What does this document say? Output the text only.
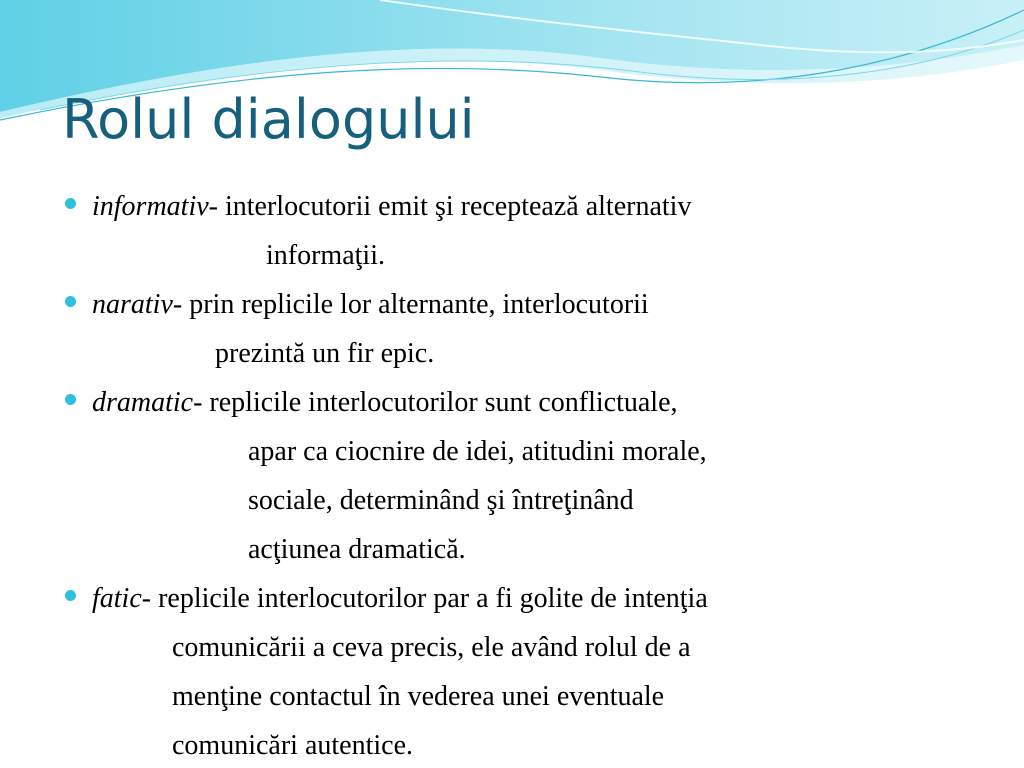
Rolul dialogului
informativ- interlocutorii emit şi receptează alternativ
informaţii.
narativ- prin replicile lor alternante, interlocutorii
prezintă un fir epic.
dramatic- replicile interlocutorilor sunt conflictuale,
apar ca ciocnire de idei, atitudini morale,
sociale, determinând şi întreţinând
acţiunea dramatică.
fatic- replicile interlocutorilor par a fi golite de intenţia
comunicării a ceva precis, ele având rolul de a
menţine contactul în vederea unei eventuale
comunicări autentice.
